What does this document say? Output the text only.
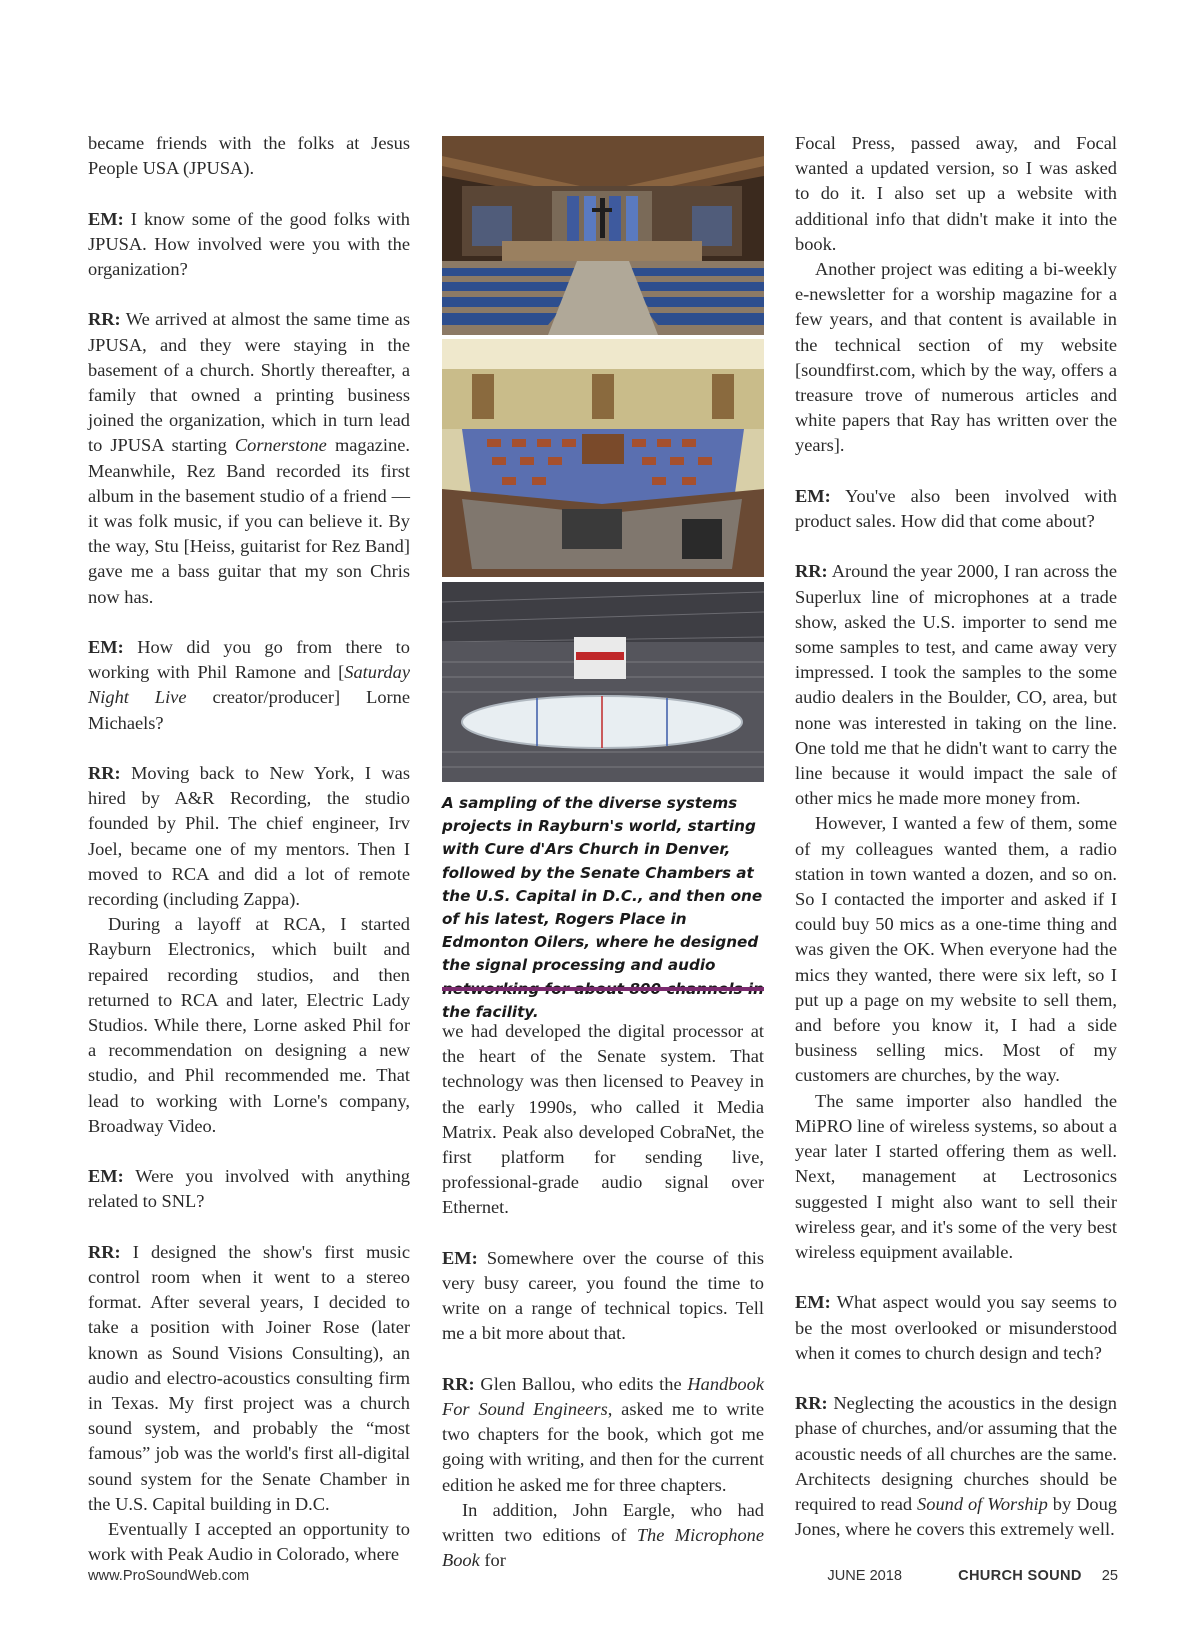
became friends with the folks at Jesus People USA (JPUSA).

EM: I know some of the good folks with JPUSA. How involved were you with the organization?

RR: We arrived at almost the same time as JPUSA, and they were staying in the basement of a church. Shortly thereafter, a family that owned a printing business joined the organization, which in turn lead to JPUSA starting Cornerstone magazine. Meanwhile, Rez Band recorded its first album in the basement studio of a friend — it was folk music, if you can believe it. By the way, Stu [Heiss, guitarist for Rez Band] gave me a bass guitar that my son Chris now has.

EM: How did you go from there to working with Phil Ramone and [Saturday Night Live creator/producer] Lorne Michaels?

RR: Moving back to New York, I was hired by A&R Recording, the studio founded by Phil. The chief engineer, Irv Joel, became one of my mentors. Then I moved to RCA and did a lot of remote recording (including Zappa).

During a layoff at RCA, I started Rayburn Electronics, which built and repaired recording studios, and then returned to RCA and later, Electric Lady Studios. While there, Lorne asked Phil for a recommendation on designing a new studio, and Phil recommended me. That lead to working with Lorne's company, Broadway Video.

EM: Were you involved with anything related to SNL?

RR: I designed the show's first music control room when it went to a stereo format. After several years, I decided to take a position with Joiner Rose (later known as Sound Visions Consulting), an audio and electro-acoustics consulting firm in Texas. My first project was a church sound system, and probably the “most famous” job was the world's first all-digital sound system for the Senate Chamber in the U.S. Capital building in D.C.

Eventually I accepted an opportunity to work with Peak Audio in Colorado, where

A sampling of the diverse systems projects in Rayburn's world, starting with Cure d'Ars Church in Denver, followed by the Senate Chambers at the U.S. Capital in D.C., and then one of his latest, Rogers Place in Edmonton Oilers, where he designed the signal processing and audio the facility.

we had developed the digital processor at the heart of the Senate system. That technology was then licensed to Peavey in the early 1990s, who called it Media Matrix. Peak also developed CobraNet, the first platform for sending live, professional-grade audio signal over Ethernet.

EM: Somewhere over the course of this very busy career, you found the time to write on a range of technical topics. Tell me a bit more about that.

RR: Glen Ballou, who edits the Handbook For Sound Engineers, asked me to write two chapters for the book, which got me going with writing, and then for the current edition he asked me for three chapters.

In addition, John Eargle, who had written two editions of The Microphone Book for

Focal Press, passed away, and Focal wanted a updated version, so I was asked to do it. I also set up a website with additional info that didn't make it into the book.

Another project was editing a bi-weekly e-newsletter for a worship magazine for a few years, and that content is available in the technical section of my website [soundfirst.com, which by the way, offers a treasure trove of numerous articles and white papers that Ray has written over the years].

EM: You've also been involved with product sales. How did that come about?

RR: Around the year 2000, I ran across the Superlux line of microphones at a trade show, asked the U.S. importer to send me some samples to test, and came away very impressed. I took the samples to the some audio dealers in the Boulder, CO, area, but none was interested in taking on the line. One told me that he didn't want to carry the line because it would impact the sale of other mics he made more money from.

However, I wanted a few of them, some of my colleagues wanted them, a radio station in town wanted a dozen, and so on. So I contacted the importer and asked if I could buy 50 mics as a one-time thing and was given the OK. When everyone had the mics they wanted, there were six left, so I put up a page on my website to sell them, and before you know it, I had a side business selling mics. Most of my customers are churches, by the way.

The same importer also handled the MiPRO line of wireless systems, so about a year later I started offering them as well. Next, management at Lectrosonics suggested I might also want to sell their wireless gear, and it's some of the very best wireless equipment available.

EM: What aspect would you say seems to be the most overlooked or misunderstood when it comes to church design and tech?

RR: Neglecting the acoustics in the design phase of churches, and/or assuming that the acoustic needs of all churches are the same. Architects designing churches should be required to read Sound of Worship by Doug Jones, where he covers this extremely well.

www.ProSoundWeb.com	JUNE 2018	CHURCH SOUND 25
